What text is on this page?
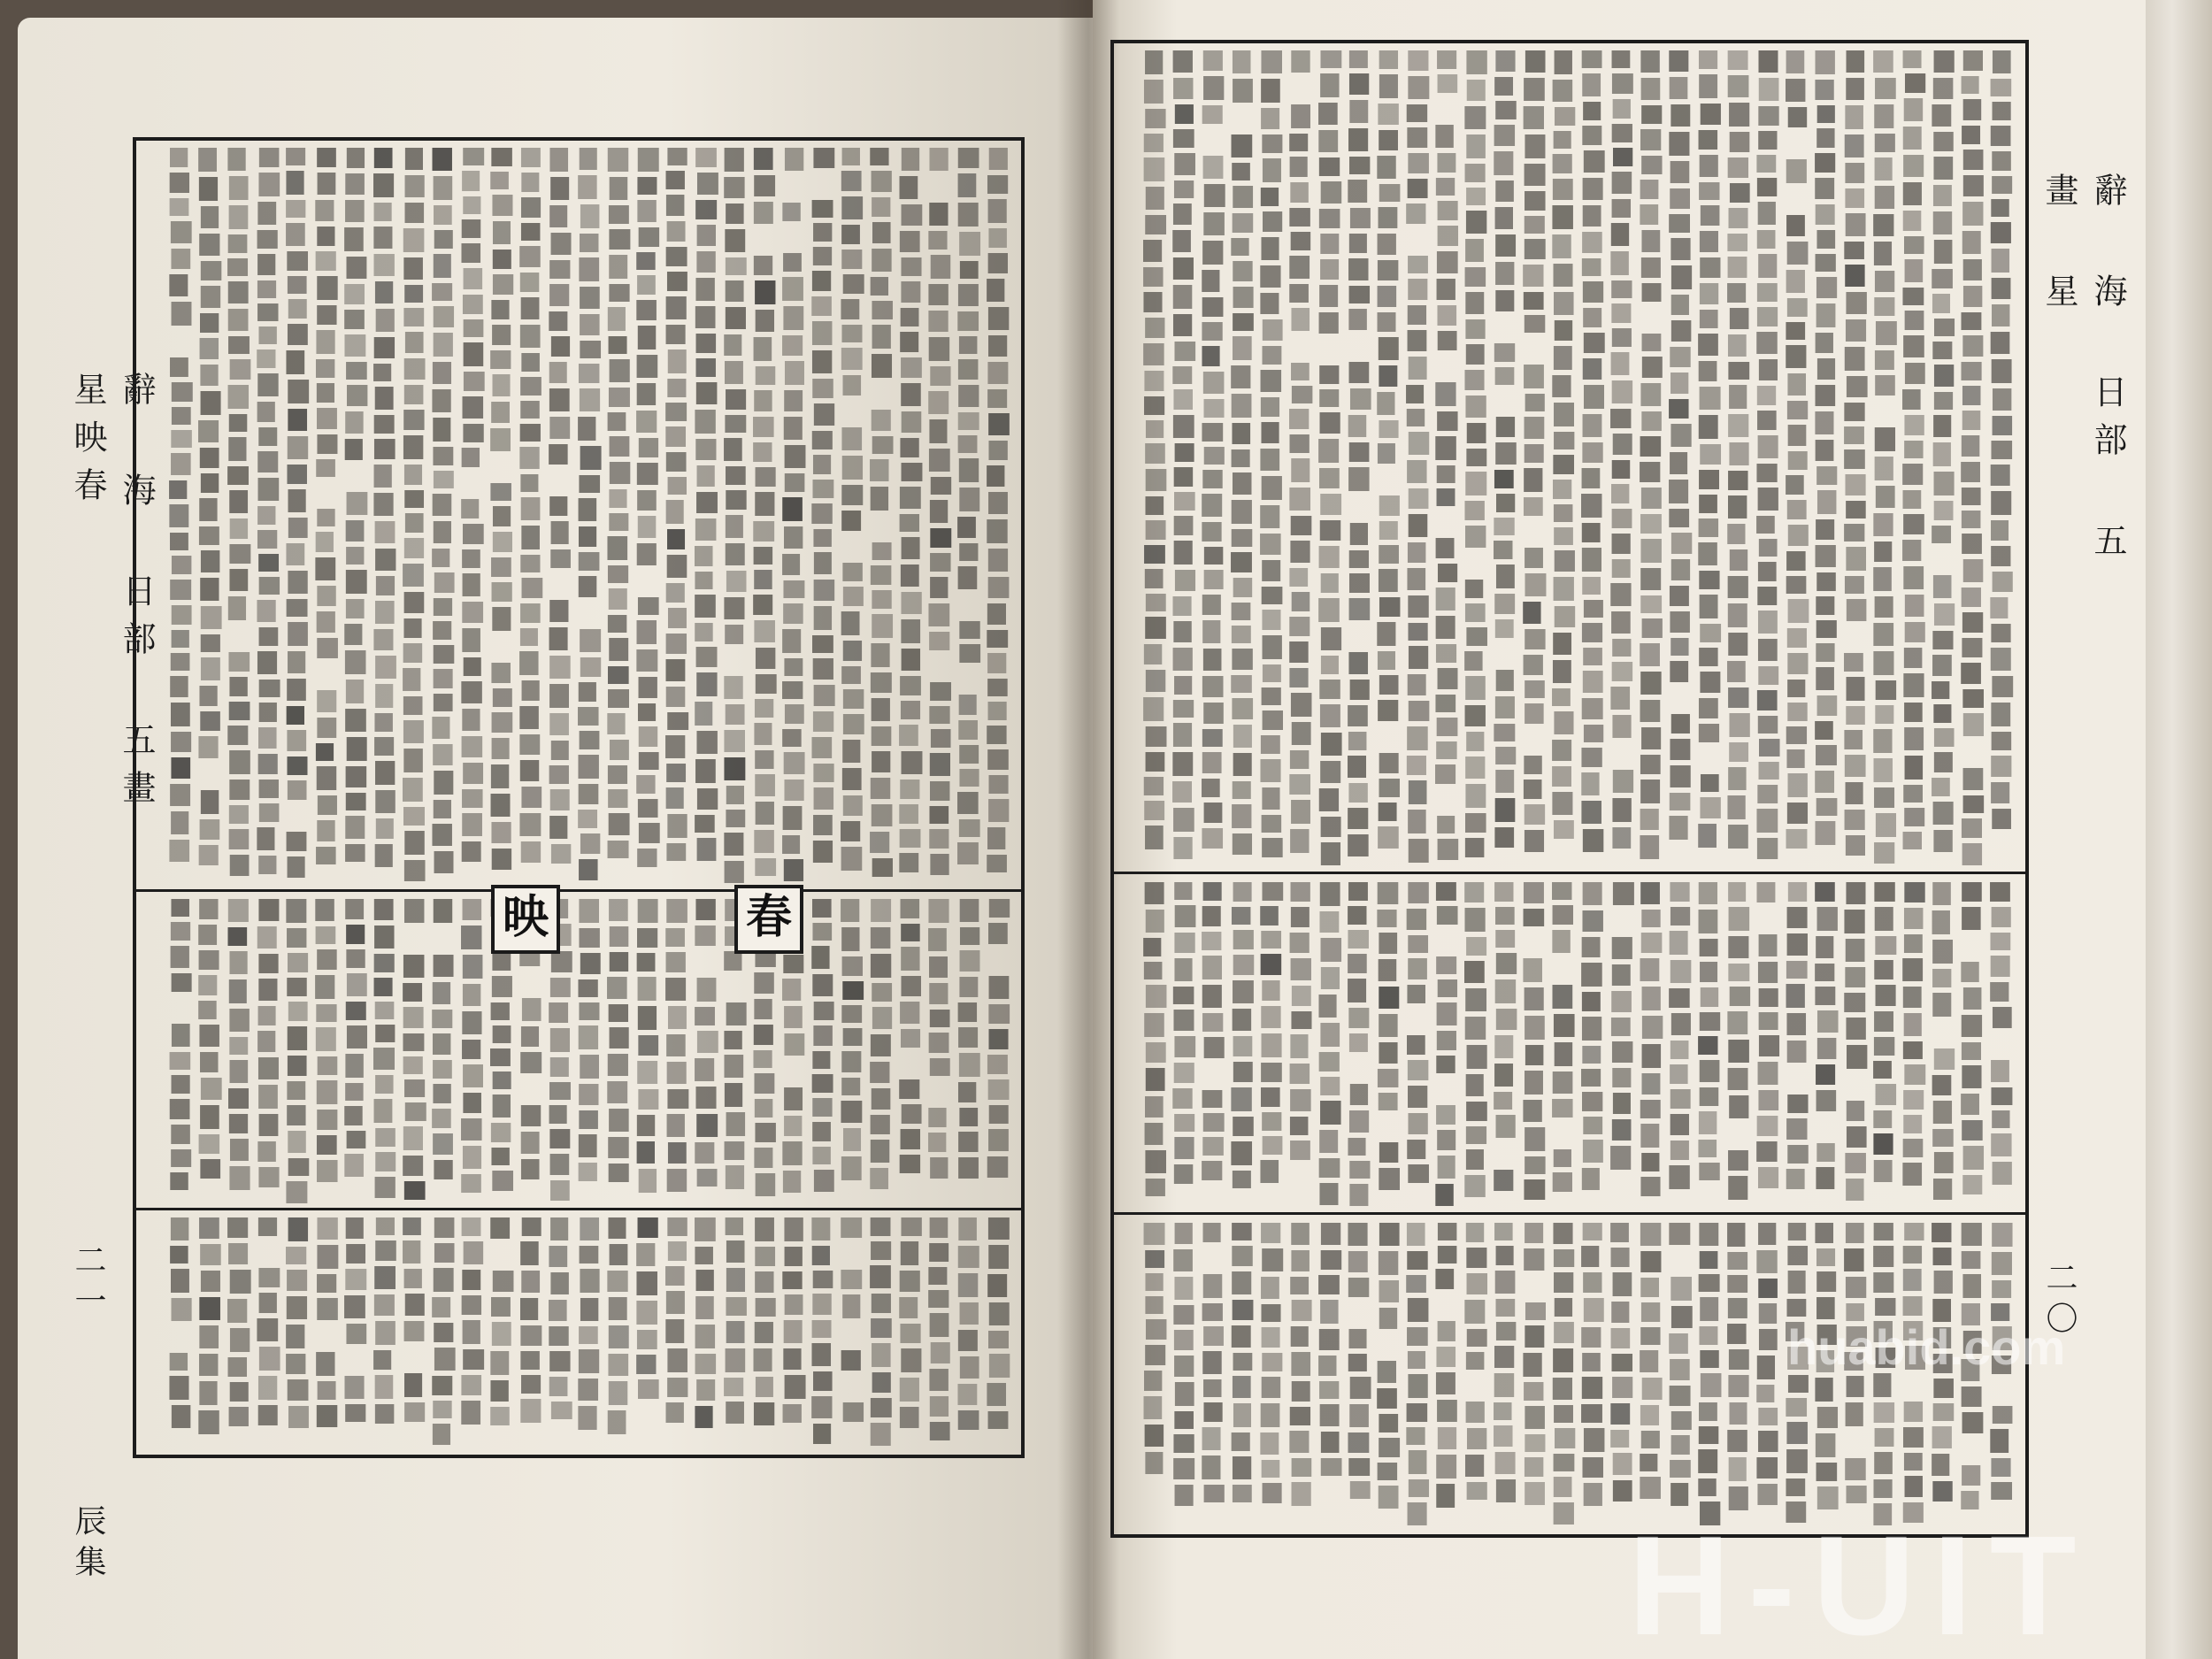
映	春
辭 海 日部 五畫 星映春
二一
辰集
辭 海 日部 五畫 星
二〇
huabid.com
H-UIT
